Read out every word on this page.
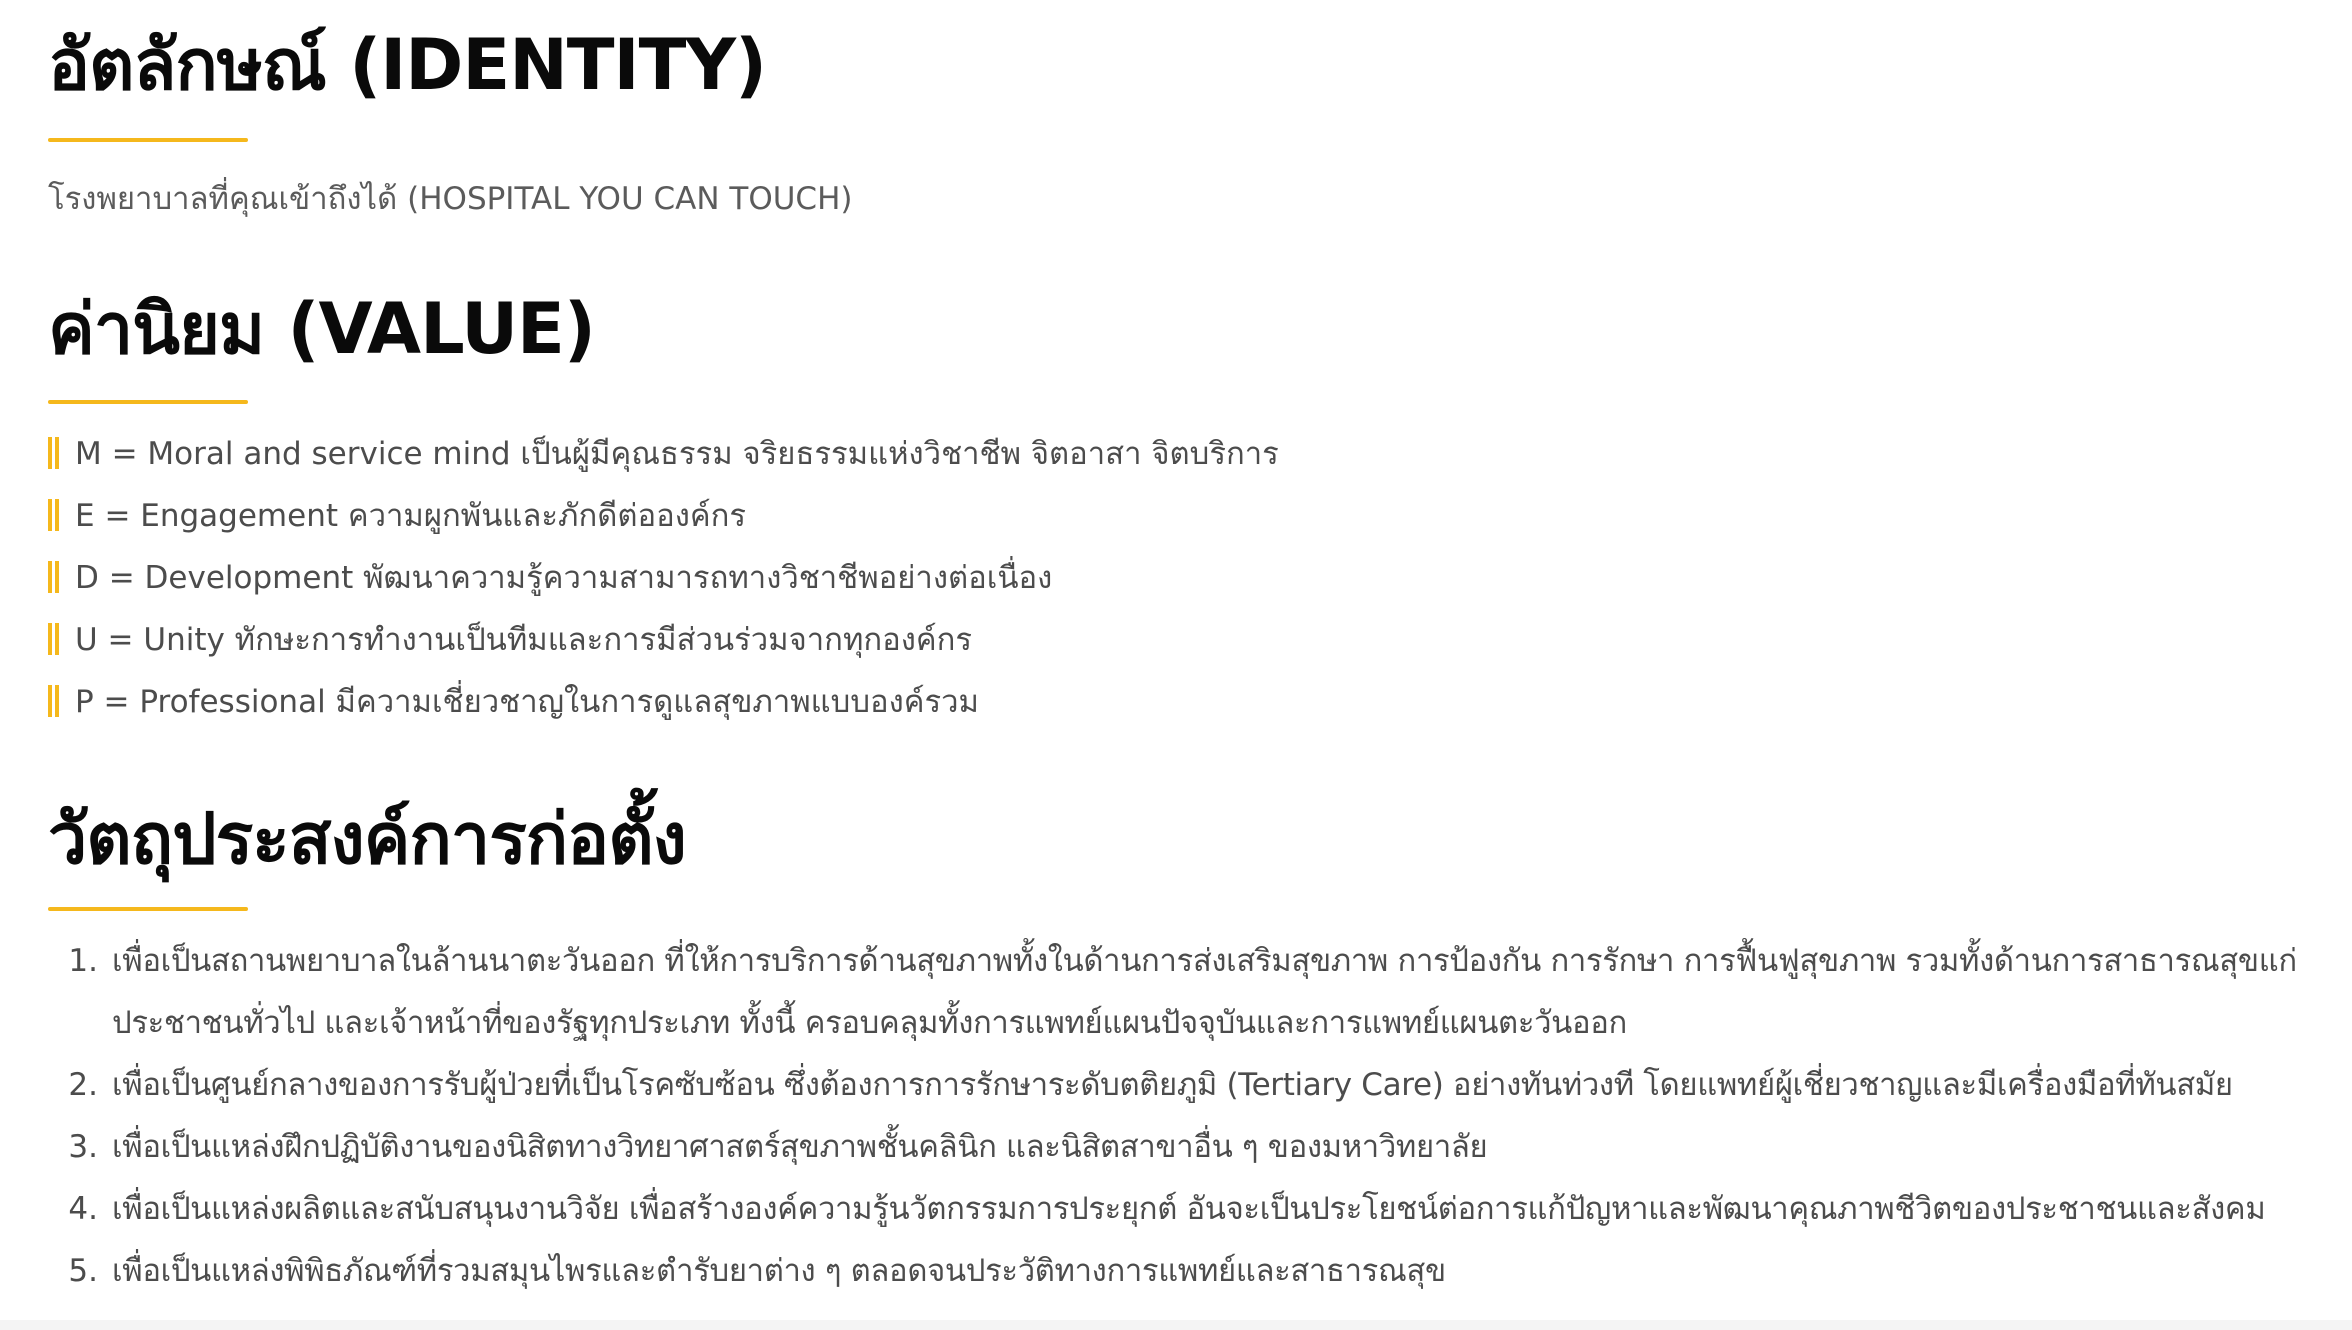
อัตลักษณ์ (IDENTITY)

โรงพยาบาลที่คุณเข้าถึงได้ (HOSPITAL YOU CAN TOUCH)

ค่านิยม (VALUE)
M = Moral and service mind เป็นผู้มีคุณธรรม จริยธรรมแห่งวิชาชีพ จิตอาสา จิตบริการ
E = Engagement ความผูกพันและภักดีต่อองค์กร
D = Development พัฒนาความรู้ความสามารถทางวิชาชีพอย่างต่อเนื่อง
U = Unity ทักษะการทำงานเป็นทีมและการมีส่วนร่วมจากทุกองค์กร
P = Professional มีความเชี่ยวชาญในการดูแลสุขภาพแบบองค์รวม
วัตถุประสงค์การก่อตั้ง
1. เพื่อเป็นสถานพยาบาลในล้านนาตะวันออก ที่ให้การบริการด้านสุขภาพทั้งในด้านการส่งเสริมสุขภาพ การป้องกัน การรักษา การฟื้นฟูสุขภาพ รวมทั้งด้านการสาธารณสุขแก่ประชาชนทั่วไป และเจ้าหน้าที่ของรัฐทุกประเภท ทั้งนี้ ครอบคลุมทั้งการแพทย์แผนปัจจุบันและการแพทย์แผนตะวันออก
2. เพื่อเป็นศูนย์กลางของการรับผู้ป่วยที่เป็นโรคซับซ้อน ซึ่งต้องการการรักษาระดับตติยภูมิ (Tertiary Care) อย่างทันท่วงที โดยแพทย์ผู้เชี่ยวชาญและมีเครื่องมือที่ทันสมัย
3. เพื่อเป็นแหล่งฝึกปฏิบัติงานของนิสิตทางวิทยาศาสตร์สุขภาพชั้นคลินิก และนิสิตสาขาอื่น ๆ ของมหาวิทยาลัย
4. เพื่อเป็นแหล่งผลิตและสนับสนุนงานวิจัย เพื่อสร้างองค์ความรู้นวัตกรรมการประยุกต์ อันจะเป็นประโยชน์ต่อการแก้ปัญหาและพัฒนาคุณภาพชีวิตของประชาชนและสังคม
5. เพื่อเป็นแหล่งพิพิธภัณฑ์ที่รวมสมุนไพรและตำรับยาต่าง ๆ ตลอดจนประวัติทางการแพทย์และสาธารณสุข
